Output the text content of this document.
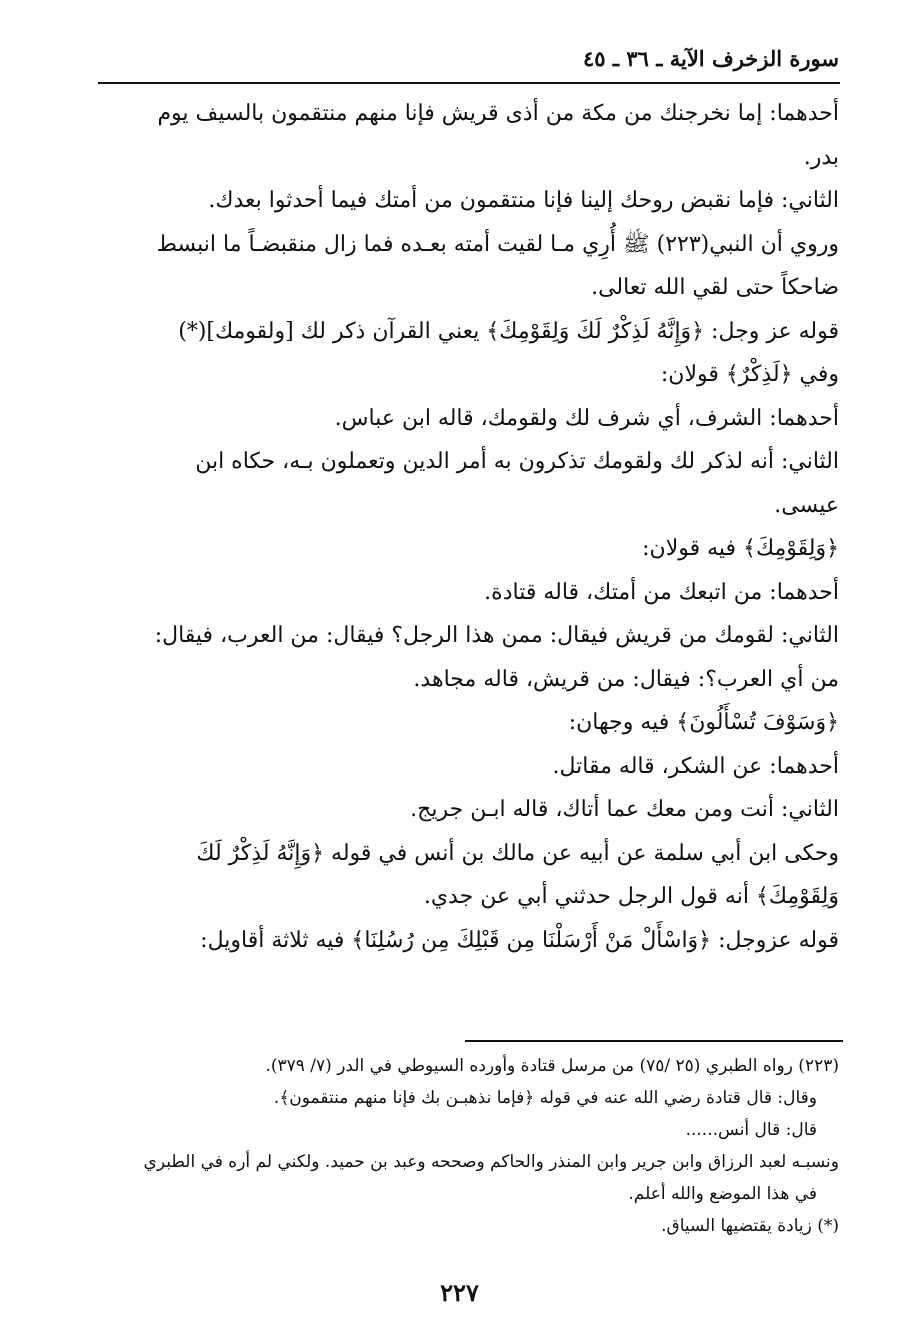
سورة الزخرف الآية ـ ٣٦ ـ ٤٥

أحدهما: إما نخرجنك من مكة من أذى قريش فإنا منهم منتقمون بالسيف يوم

بدر.

الثاني: فإما نقبض روحك إلينا فإنا منتقمون من أمتك فيما أحدثوا بعدك.

وروي أن النبي(٢٢٣) ﷺ أُرِي مـا لقيت أمته بعـده فما زال منقبضـاً ما انبسط

ضاحكاً حتى لقي الله تعالى.

قوله عز وجل: ﴿وَإِنَّهُ لَذِكْرٌ لَكَ وَلِقَوْمِكَ﴾ يعني القرآن ذكر لك [ولقومك](*)

وفي ﴿لَذِكْرٌ﴾ قولان:

أحدهما: الشرف، أي شرف لك ولقومك، قاله ابن عباس.

الثاني: أنه لذكر لك ولقومك تذكرون به أمر الدين وتعملون بـه، حكاه ابن

عيسى.

﴿وَلِقَوْمِكَ﴾ فيه قولان:

أحدهما: من اتبعك من أمتك، قاله قتادة.

الثاني: لقومك من قريش فيقال: ممن هذا الرجل؟ فيقال: من العرب، فيقال:

من أي العرب؟: فيقال: من قريش، قاله مجاهد.

﴿وَسَوْفَ تُسْأَلُونَ﴾ فيه وجهان:

أحدهما: عن الشكر، قاله مقاتل.

الثاني: أنت ومن معك عما أتاك، قاله ابـن جريج.

وحكى ابن أبي سلمة عن أبيه عن مالك بن أنس في قوله ﴿وَإِنَّهُ لَذِكْرٌ لَكَ

وَلِقَوْمِكَ﴾ أنه قول الرجل حدثني أبي عن جدي.

قوله عزوجل: ﴿وَاسْأَلْ مَنْ أَرْسَلْنَا مِن قَبْلِكَ مِن رُسُلِنَا﴾ فيه ثلاثة أقاويل:

(٢٢٣) رواه الطبري (٢٥ /٧٥) من مرسل قتادة وأورده السيوطي في الدر (٧/ ٣٧٩).

وقال: قال قتادة رضي الله عنه في قوله ﴿فإما نذهبـن بك فإنا منهم منتقمون﴾.

قال: قال أنس......

ونسبـه لعبد الرزاق وابن جرير وابن المنذر والحاكم وصححه وعبد بن حميد. ولكني لم أره في الطبري

في هذا الموضع والله أعلم.

(*) زيادة يقتضيها السياق.

٢٢٧
